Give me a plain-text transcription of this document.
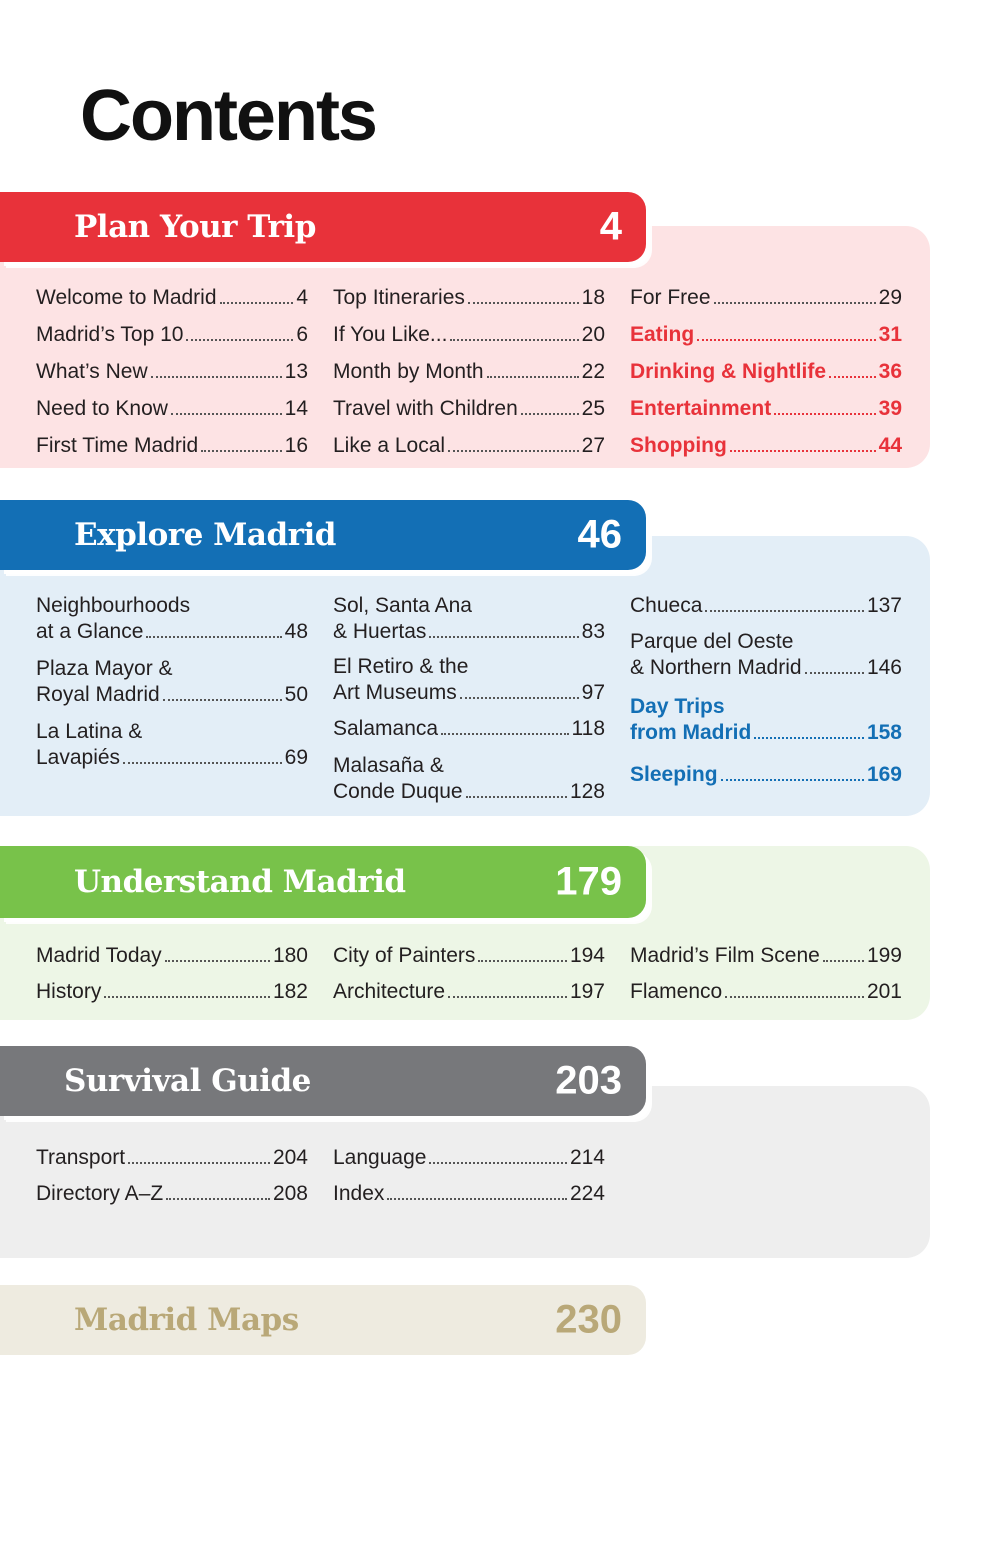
Contents
Plan Your Trip	4
Welcome to Madrid	4
Madrid’s Top 10	6
What’s New	13
Need to Know	14
First Time Madrid	16
Top Itineraries	18
If You Like...	20
Month by Month	22
Travel with Children	25
Like a Local	27
For Free	29
Eating	31
Drinking & Nightlife	36
Entertainment	39
Shopping	44
Explore Madrid	46
Neighbourhoods
at a Glance	48
Plaza Mayor &
Royal Madrid	50
La Latina &
Lavapiés	69
Sol, Santa Ana
& Huertas	83
El Retiro & the
Art Museums	97
Salamanca	118
Malasaña &
Conde Duque	128
Chueca	137
Parque del Oeste
& Northern Madrid	146
Day Trips
from Madrid	158
Sleeping	169
Understand Madrid	179
Madrid Today	180
History	182
City of Painters	194
Architecture	197
Madrid’s Film Scene 199
Flamenco	201
Survival Guide	203
Transport	204
Directory A–Z	208
Language	214
Index	224
Madrid Maps	230
